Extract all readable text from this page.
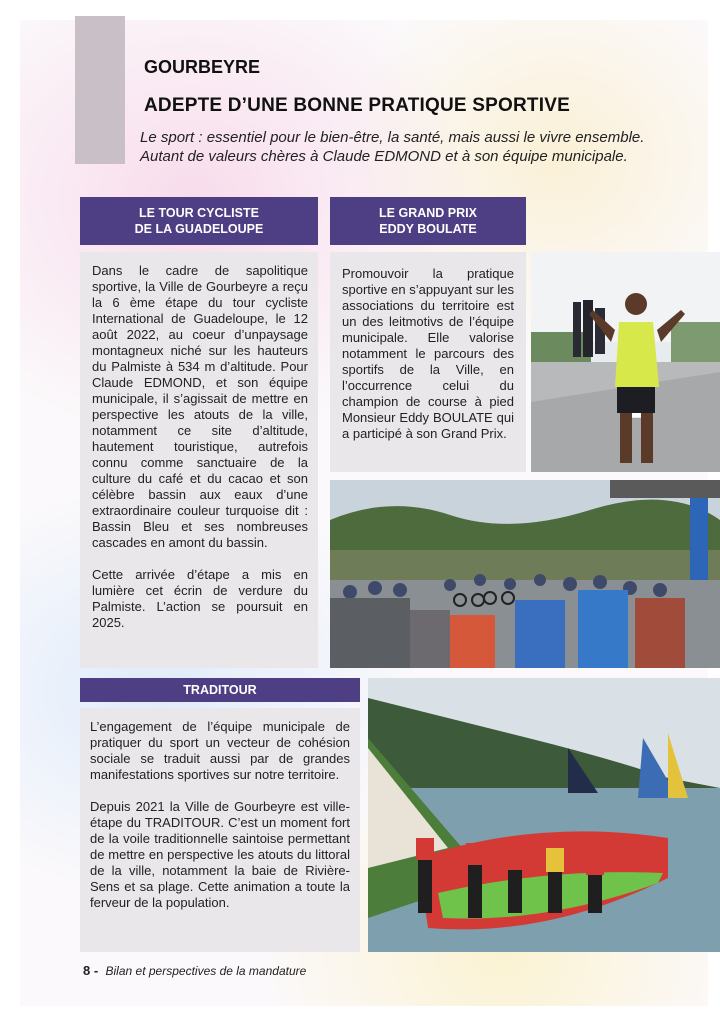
GOURBEYRE
ADEPTE D’UNE BONNE PRATIQUE SPORTIVE

Le sport : essentiel pour le bien-être, la santé, mais aussi le vivre ensemble. Autant de valeurs chères à Claude EDMOND et à son équipe municipale.

LE TOUR CYCLISTE
DE LA GUADELOUPE

Dans le cadre de sapolitique sportive, la Ville de Gourbeyre a reçu la 6 ème étape du tour cycliste International de Guadeloupe, le 12 août 2022, au coeur d’unpaysage montagneux niché sur les hauteurs du Palmiste à 534 m d’altitude. Pour Claude EDMOND, et son équipe municipale, il s’agissait de mettre en perspective les atouts de la ville, notamment ce site d’altitude, hautement touristique, autrefois connu comme sanctuaire de la culture du café et du cacao et son célèbre bassin aux eaux d’une extraordinaire couleur turquoise dit : Bassin Bleu et ses nombreuses cascades en amont du bassin.

Cette arrivée d’étape a mis en lumière cet écrin de verdure du Palmiste. L’action se poursuit en 2025.

LE GRAND PRIX
EDDY BOULATE

Promouvoir la pratique sportive en s’appuyant sur les associations du territoire est un des leitmotivs de l’équipe municipale. Elle valorise notamment le parcours des sportifs de la Ville, en l’occurrence celui du champion de course à pied Monsieur Eddy BOULATE qui a participé à son Grand Prix.

TRADITOUR

L’engagement de l’équipe municipale de pratiquer du sport un vecteur de cohésion sociale se traduit aussi par de grandes manifestations sportives sur notre territoire.

Depuis 2021 la Ville de Gourbeyre est ville-étape du TRADITOUR. C’est un moment fort de la voile traditionnelle saintoise permettant de mettre en perspective les atouts du littoral de la ville, notamment la baie de Rivière-Sens et sa plage. Cette animation a toute la ferveur de la population.

8 - Bilan et perspectives de la mandature
